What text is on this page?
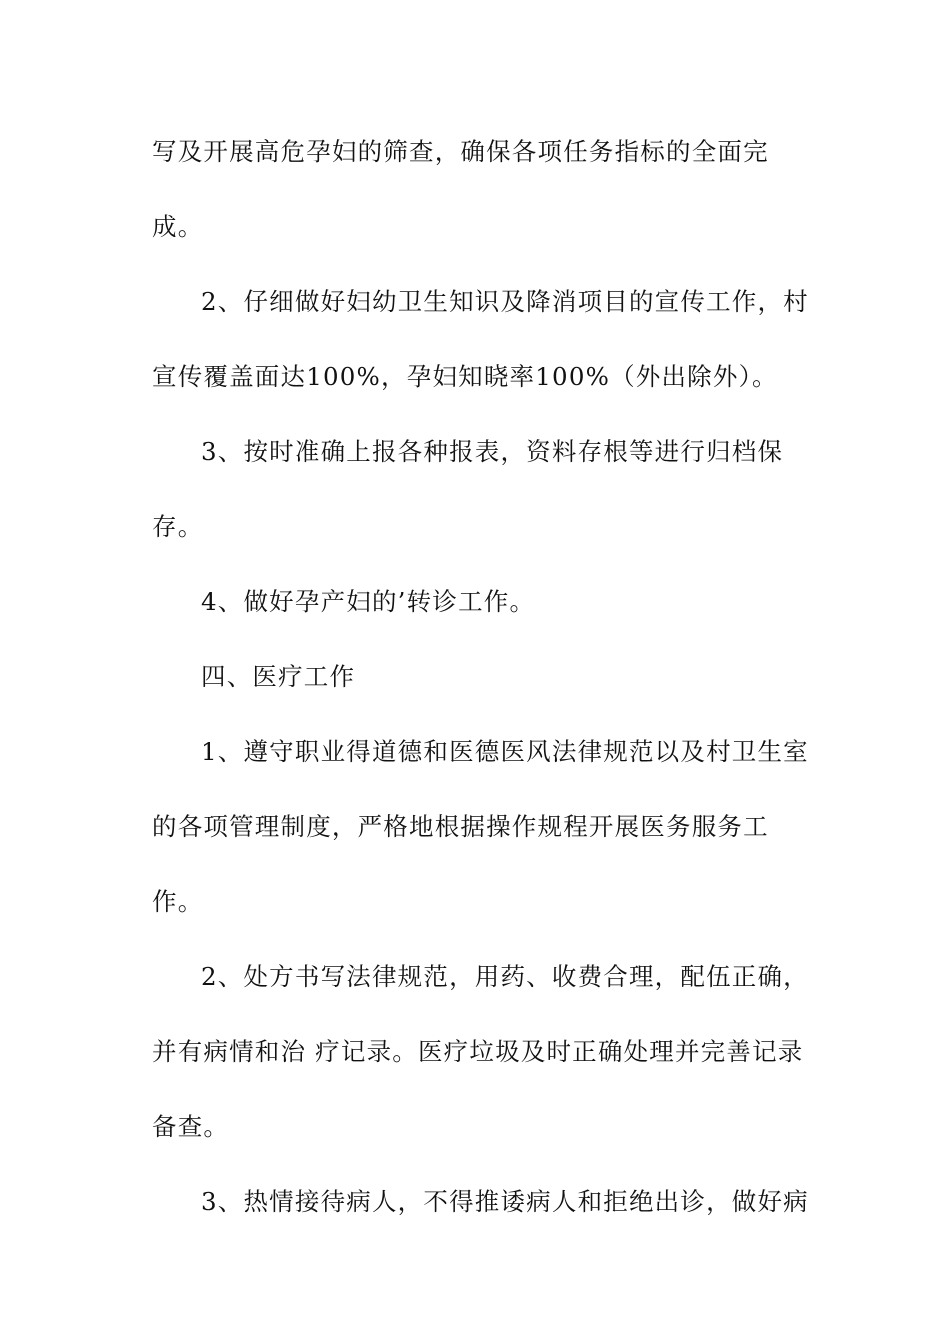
写及开展高危孕妇的筛查，确保各项任务指标的全面完
成。
2、仔细做好妇幼卫生知识及降消项目的宣传工作，村
宣传覆盖面达100%，孕妇知晓率100%（外出除外）。
3、按时准确上报各种报表，资料存根等进行归档保
存。
4、做好孕产妇的’转诊工作。
四、医疗工作
1、遵守职业得道德和医德医风法律规范以及村卫生室
的各项管理制度，严格地根据操作规程开展医务服务工
作。
2、处方书写法律规范，用药、收费合理，配伍正确，
并有病情和治 疗记录。医疗垃圾及时正确处理并完善记录
备查。
3、热情接待病人，不得推诿病人和拒绝出诊，做好病
